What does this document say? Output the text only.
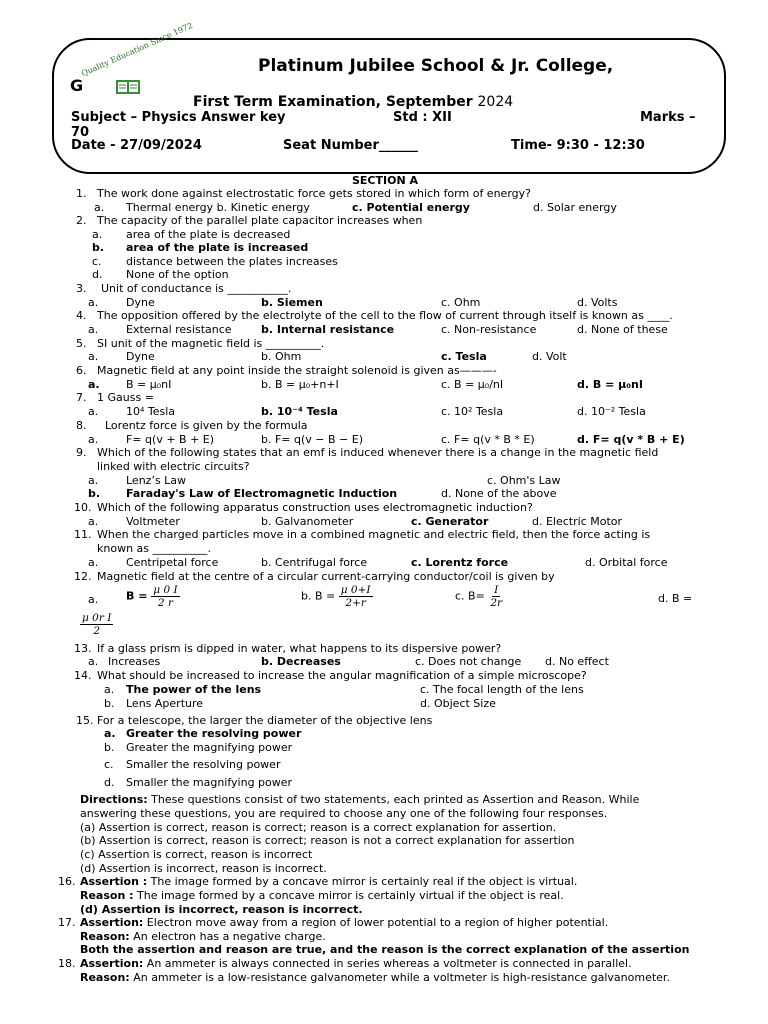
G
Quality Education Since 1972	Platinum Jubilee School & Jr. College,
First Term Examination, September 2024
Subject – Physics Answer key	Std : XII	Marks –
70
Date - 27/09/2024	Seat Number______	Time- 9:30 - 12:30
SECTION A
1. The work done against electrostatic force gets stored in which form of energy?
a. Thermal energy b. Kinetic energy	c. Potential energy	d. Solar energy
2. The capacity of the parallel plate capacitor increases when
a. area of the plate is decreased
b. area of the plate is increased
c. distance between the plates increases
d. None of the option
3. Unit of conductance is ___________.
a.	Dyne	b. Siemen	c. Ohm	d. Volts
4. The opposition offered by the electrolyte of the cell to the flow of current through itself is known as ____.
a.	External resistance	b. Internal resistance	c. Non-resistance	d. None of these
5. SI unit of the magnetic field is __________.
a.	Dyne	b. Ohm	c. Tesla	d. Volt
6. Magnetic field at any point inside the straight solenoid is given as———-
a. B = μ₀nI	b. B = μ₀+n+I	c. B = μ₀/nI	d. B = μ₀nI
7. 1 Gauss =
a.	10⁴ Tesla	b. 10⁻⁴ Tesla	c. 10² Tesla	d. 10⁻² Tesla
8. Lorentz force is given by the formula
a.	F= q(v + B + E)	b. F= q(v − B − E)	c. F= q(v * B * E)	d. F= q(v * B + E)
9. Which of the following states that an emf is induced whenever there is a change in the magnetic field
linked with electric circuits?
a.	Lenz’s Law	c. Ohm's Law
b. Faraday's Law of Electromagnetic Induction	d. None of the above
10. Which of the following apparatus construction uses electromagnetic induction?
a.	Voltmeter	b. Galvanometer	c. Generator	d. Electric Motor
11. When the charged particles move in a combined magnetic and electric field, then the force acting is
known as __________.
a.	Centripetal force	b. Centrifugal force	c. Lorentz force	d. Orbital force
12. Magnetic field at the centre of a circular current-carrying conductor/coil is given by
a.	$B = \frac{\mu 0 I}{2 r}$	b. $B = \frac{\mu 0+I}{2+r}$	c. $B= \frac{I}{2r}$	d. B =
$\frac{\text{μ 0r I}}{2}$
13. If a glass prism is dipped in water, what happens to its dispersive power?
a. Increases	b. Decreases	c. Does not change d. No effect
14. What should be increased to increase the angular magnification of a simple microscope?
a. The power of the lens	c. The focal length of the lens
b. Lens Aperture	d. Object Size
15. For a telescope, the larger the diameter of the objective lens
a. Greater the resolving power
b. Greater the magnifying power
c. Smaller the resolving power
d. Smaller the magnifying power
Directions: These questions consist of two statements, each printed as Assertion and Reason. While
answering these questions, you are required to choose any one of the following four responses.
(a) Assertion is correct, reason is correct; reason is a correct explanation for assertion.
(b) Assertion is correct, reason is correct; reason is not a correct explanation for assertion
(c) Assertion is correct, reason is incorrect
(d) Assertion is incorrect, reason is incorrect.
16. Assertion : The image formed by a concave mirror is certainly real if the object is virtual.
Reason : The image formed by a concave mirror is certainly virtual if the object is real.
(d) Assertion is incorrect, reason is incorrect.
17. Assertion: Electron move away from a region of lower potential to a region of higher potential.
Reason: An electron has a negative charge.
Both the assertion and reason are true, and the reason is the correct explanation of the assertion
18. Assertion: An ammeter is always connected in series whereas a voltmeter is connected in parallel.
Reason: An ammeter is a low-resistance galvanometer while a voltmeter is high-resistance galvanometer.
